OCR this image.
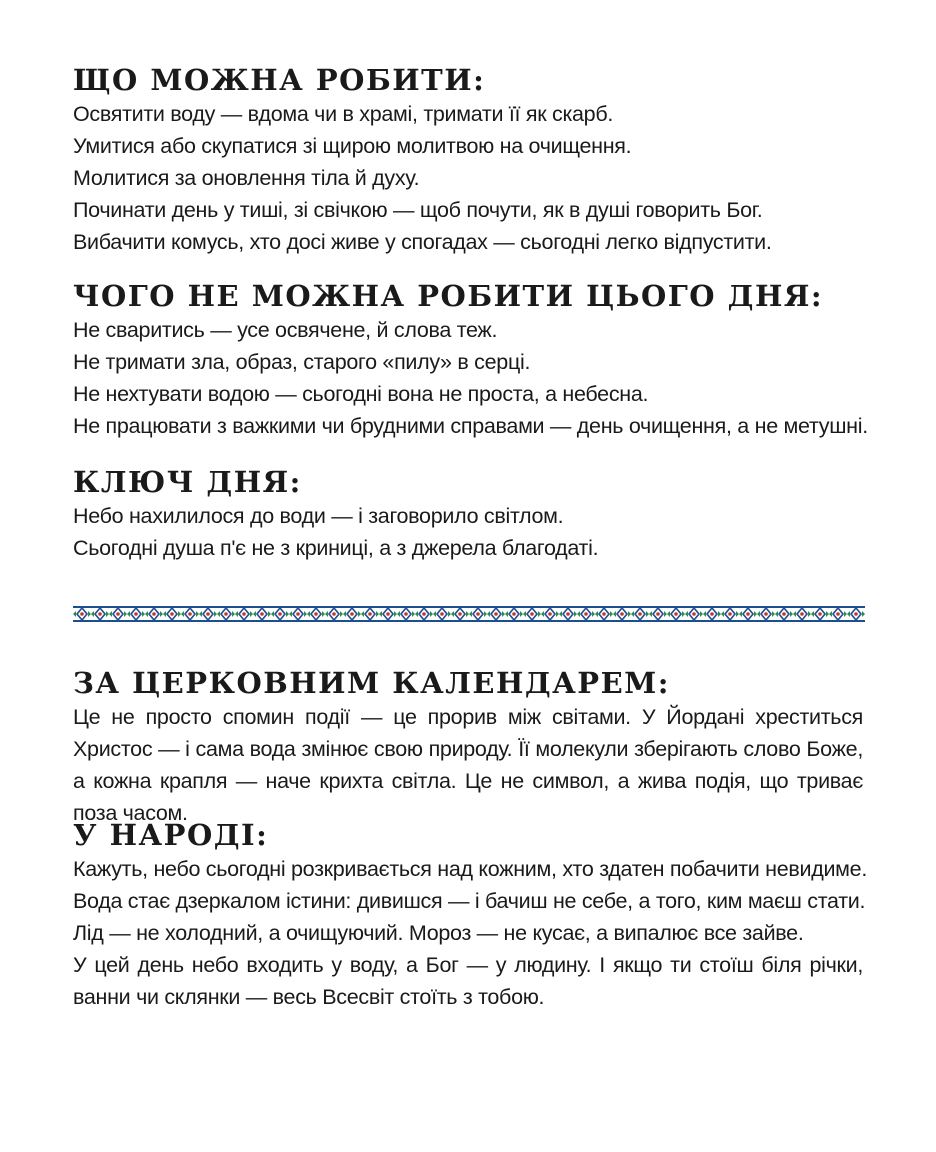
ЩО МОЖНА РОБИТИ:

Освятити воду — вдома чи в храмі, тримати її як скарб.

Умитися або скупатися зі щирою молитвою на очищення.

Молитися за оновлення тіла й духу.

Починати день у тиші, зі свічкою — щоб почути, як в душі говорить Бог.

Вибачити комусь, хто досі живе у спогадах — сьогодні легко відпустити.

ЧОГО НЕ МОЖНА РОБИТИ ЦЬОГО ДНЯ:

Не сваритись — усе освячене, й слова теж.

Не тримати зла, образ, старого «пилу» в серці.

Не нехтувати водою — сьогодні вона не проста, а небесна.

Не працювати з важкими чи брудними справами — день очищення, а не метушні.

КЛЮЧ ДНЯ:

Небо нахилилося до води — і заговорило світлом.

Сьогодні душа п'є не з криниці, а з джерела благодаті.

ЗА ЦЕРКОВНИМ КАЛЕНДАРЕМ:

Це не просто спомин події — це прорив між світами. У Йордані хреститься Христос — і сама вода змінює свою природу. Її молекули зберігають слово Боже, а кожна крапля — наче крихта світла. Це не символ, а жива подія, що триває поза часом.

У НАРОДІ:

Кажуть, небо сьогодні розкривається над кожним, хто здатен побачити невидиме.

Вода стає дзеркалом істини: дивишся — і бачиш не себе, а того, ким маєш стати.

Лід — не холодний, а очищуючий. Мороз — не кусає, а випалює все зайве.

У цей день небо входить у воду, а Бог — у людину. І якщо ти стоїш біля річки, ванни чи склянки — весь Всесвіт стоїть з тобою.
